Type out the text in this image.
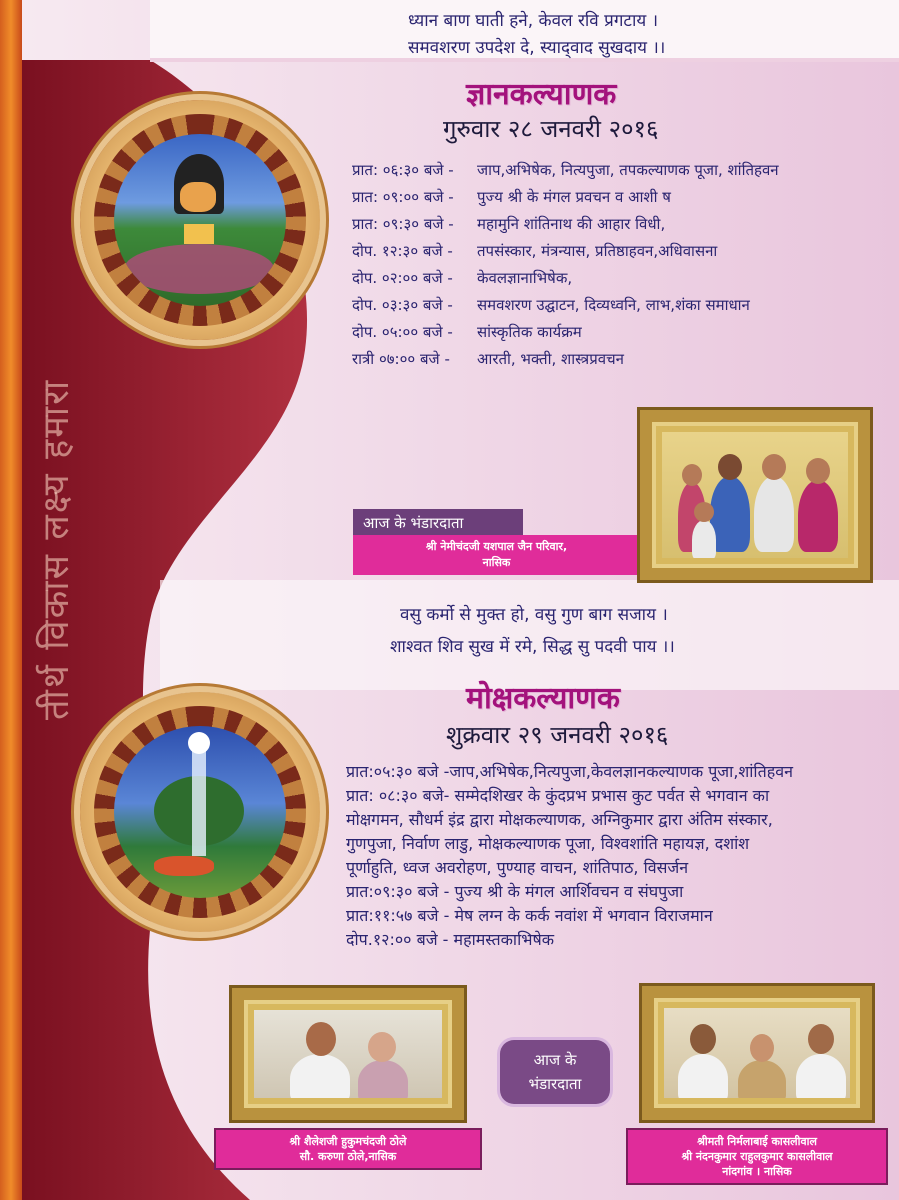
तीर्थ विकास लक्ष्य हमारा
ध्यान बाण घाती हने, केवल रवि प्रगटाय ।
समवशरण उपदेश दे, स्याद्‌वाद सुखदाय ।।
ज्ञानकल्याणक
गुरुवार २८ जनवरी २०१६
प्रात: ०६:३० बजे -	जाप,अभिषेक, नित्यपुजा, तपकल्याणक पूजा, शांतिहवन
प्रात: ०९:०० बजे -	पुज्य श्री के मंगल प्रवचन व आशी ष
प्रात: ०९:३० बजे -	महामुनि शांतिनाथ की आहार विधी,
दोप. १२:३० बजे -	तपसंस्कार, मंत्रन्यास, प्रतिष्ठाहवन,अधिवासना
दोप. ०२:०० बजे -	केवलज्ञानाभिषेक,
दोप. ०३:३० बजे -	समवशरण उद्घाटन, दिव्यध्वनि, लाभ,शंका समाधान
दोप. ०५:०० बजे -	सांस्कृतिक कार्यक्रम
रात्री ०७:०० बजे -	आरती, भक्ती, शास्त्रप्रवचन
आज के भंडारदाता
श्री नेमीचंदजी यशपाल जैन परिवार,
नासिक
वसु कर्मो से मुक्त हो, वसु गुण बाग सजाय ।
शाश्वत शिव सुख में रमे, सिद्ध सु पदवी पाय ।।
मोक्षकल्याणक
शुक्रवार २९ जनवरी २०१६
प्रात:०५:३० बजे -जाप,अभिषेक,नित्यपुजा,केवलज्ञानकल्याणक पूजा,शांतिहवन
प्रात: ०८:३० बजे- सम्मेदशिखर के कुंदप्रभ प्रभास कुट पर्वत से भगवान का
मोक्षगमन, सौधर्म इंद्र द्वारा मोक्षकल्याणक, अग्निकुमार द्वारा अंतिम संस्कार,
गुणपुजा, निर्वाण लाडु, मोक्षकल्याणक पूजा, विश्वशांति महायज्ञ, दशांश
पूर्णाहुति, ध्वज अवरोहण, पुण्याह वाचन, शांतिपाठ, विसर्जन
प्रात:०९:३० बजे - पुज्य श्री के मंगल आर्शिवचन व संघपुजा
प्रात:११:५७ बजे - मेष लग्न के कर्क नवांश में भगवान विराजमान
दोप.१२:०० बजे - महामस्तकाभिषेक
आज के
भंडारदाता
श्री शैलेशजी हुकुमचंदजी ठोले
सौ. करुणा ठोले,नासिक
श्रीमती निर्मलाबाई कासलीवाल
श्री नंदनकुमार राहुलकुमार कासलीवाल
नांदगांव । नासिक
